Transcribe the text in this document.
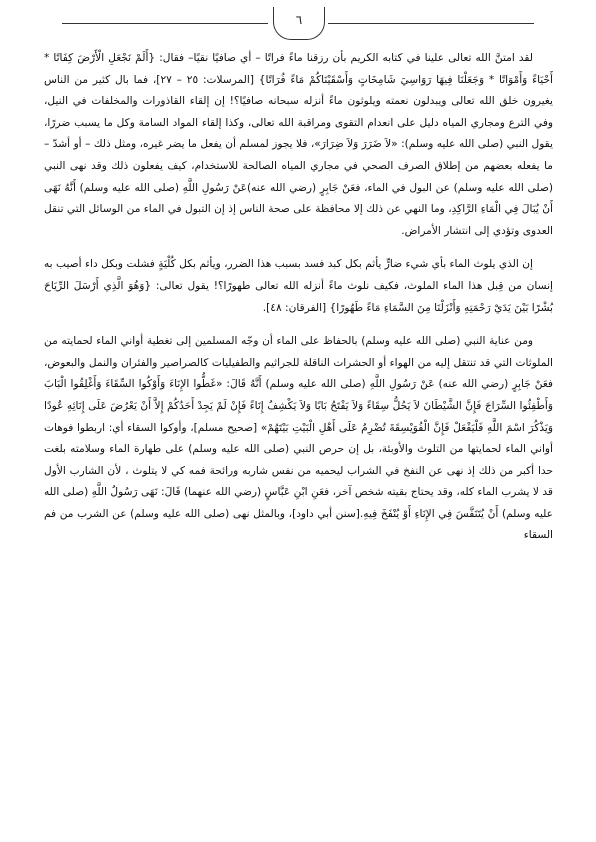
٦

لقد امتنَّ الله تعالى علينا في كتابه الكريم بأن رزقنا ماءً فراتًا – أي صافيًا نقيًا– فقال: {أَلَمْ نَجْعَلِ الْأَرْضَ كِفَاتًا * أَحْيَاءً وَأَمْوَاتًا * وَجَعَلْنَا فِيهَا رَوَاسِيَ شَامِخَاتٍ وَأَسْقَيْنَاكُمْ مَاءً فُرَاتًا} [المرسلات: ٢٥ – ٢٧]، فما بال كثير من الناس يغيرون خلق الله تعالى ويبدلون نعمته ويلوثون ماءً أنزله سبحانه صافيًا؟! إن إلقاء القاذورات والمخلفات في النيل، وفي الترع ومجاري المياه دليل على انعدام التقوى ومراقبة الله تعالى، وكذا إلقاء المواد السامة وكل ما يسبب ضررًا، يقول النبي (صلى الله عليه وسلم): «لاَ ضَرَرَ وَلاَ ضِرَارَ»، فلا يجوز لمسلم أن يفعل ما يضر غيره، ومثل ذلك – أو أشدّ – ما يفعله بعضهم من إطلاق الصرف الصحي في مجاري المياه الصالحة للاستخدام، كيف يفعلون ذلك وقد نهى النبي (صلى الله عليه وسلم) عن البول في الماء، فعَنْ جَابِرٍ (رضي الله عنه)عَنْ رَسُولِ اللَّهِ (صلى الله عليه وسلم) أَنَّهُ نَهَى أَنْ يُبَالَ فِي الْمَاءِ الرَّاكِدِ، وما النهي عن ذلك إلا محافظة على صحة الناس إذ إن التبول في الماء من الوسائل التي تنقل العدوى وتؤدي إلى انتشار الأمراض.

إن الذي يلوث الماء بأي شيء ضارٍّ يأثم بكل كبد فسد بسبب هذا الضرر، ويأثم بكل كُلْيَةٍ فشلت وبكل داء أصيب به إنسان من قِبل هذا الماء الملوث، فكيف نلوث ماءً أنزله الله تعالى طهورًا؟! يقول تعالى: {وَهُوَ الَّذِي أَرْسَلَ الرِّيَاحَ بُشْرًا بَيْنَ يَدَيْ رَحْمَتِهِ وَأَنْزَلْنَا مِنَ السَّمَاءِ مَاءً طَهُورًا} [الفرقان: ٤٨].

ومن عناية النبي (صلى الله عليه وسلم) بالحفاظ على الماء أن وجّه المسلمين إلى تغطية أواني الماء لحمايته من الملوثات التي قد تنتقل إليه من الهواء أو الحشرات الناقلة للجراثيم والطفيليات كالصراصير والفئران والنمل والبعوض، فعَنْ جَابِرٍ (رضي الله عنه) عَنْ رَسُولِ اللَّهِ (صلى الله عليه وسلم) أَنَّهُ قَالَ: «غَطُّوا الإِنَاءَ وَأَوْكُوا السِّقَاءَ وَأَغْلِقُوا الْبَابَ وَأَطْفِئُوا السِّرَاجَ فَإِنَّ الشَّيْطَانَ لاَ يَحُلُّ سِقَاءً وَلاَ يَفْتَحُ بَابًا وَلاَ يَكْشِفُ إِنَاءً فَإِنْ لَمْ يَجِدْ أَحَدُكُمْ إِلاَّ أَنْ يَعْرُضَ عَلَى إِنَائِهِ عُودًا وَيَذْكُرَ اسْمَ اللَّهِ فَلْيَفْعَلْ فَإِنَّ الْفُوَيْسِقَةَ تُضْرِمُ عَلَى أَهْلِ الْبَيْتِ بَيْتَهُمْ» [صحيح مسلم]، وأوكوا السقاء أي: اربطوا فوهات أواني الماء لحمايتها من التلوث والأوبئة، بل إن حرص النبي (صلى الله عليه وسلم) على طهارة الماء وسلامته بلغت حدا أكبر من ذلك إذ نهى عن النفخ في الشراب ليحميه من نفس شاربه ورائحة فمه كي لا يتلوث ، لأن الشارب الأول قد لا يشرب الماء كله، وقد يحتاج بقيته شخص آخر، فعَنِ ابْنِ عَبَّاسٍ (رضي الله عنهما) قَالَ: نَهَى رَسُولُ اللَّهِ (صلى الله عليه وسلم) أَنْ يُتَنَفَّسَ فِي الإِنَاءِ أَوْ يُنْفَخَ فِيهِ.[سنن أبي داود]، وبالمثل نهى (صلى الله عليه وسلم) عن الشرب من فم السقاء
